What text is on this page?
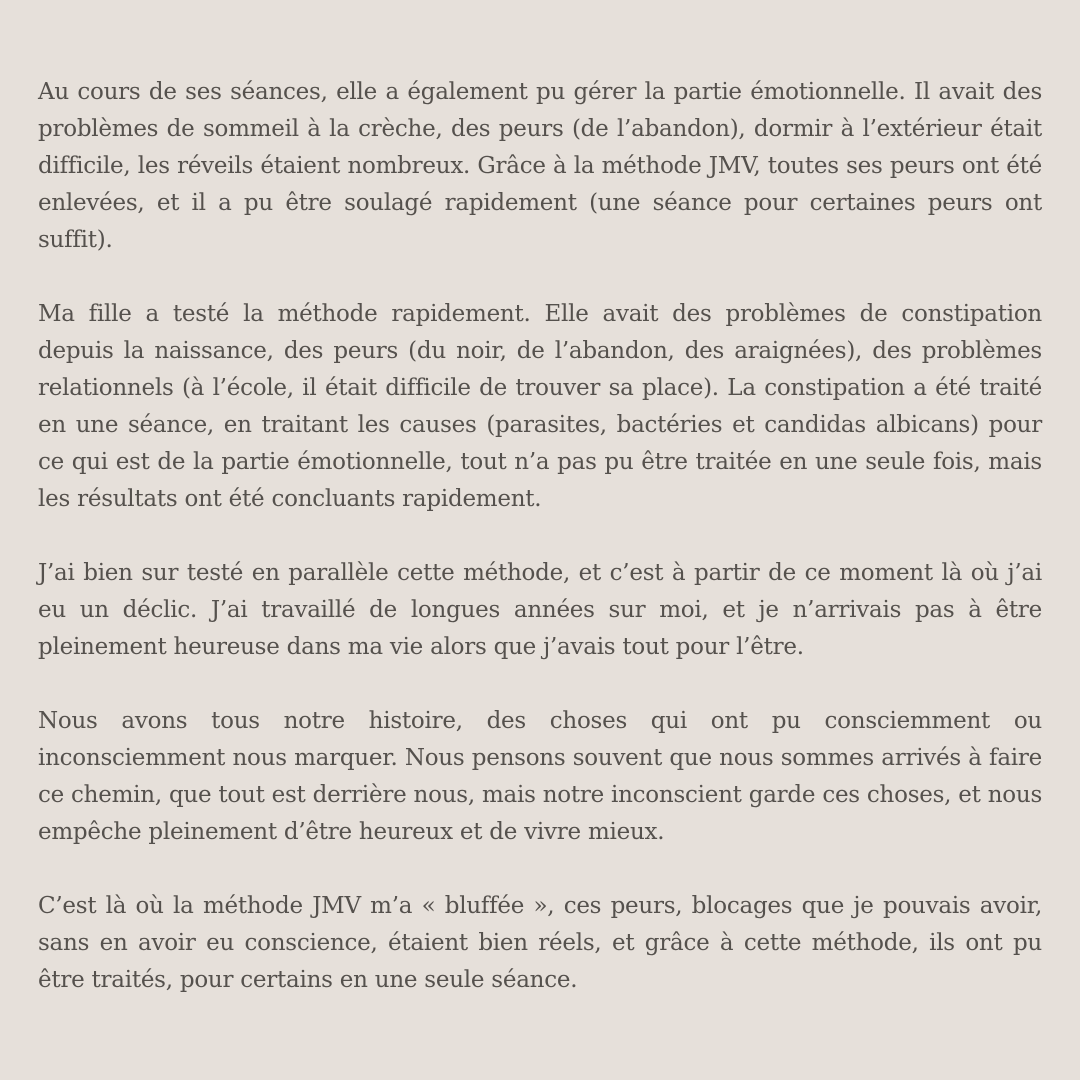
Au cours de ses séances, elle a également pu gérer la partie émotionnelle. Il avait des problèmes de sommeil à la crèche, des peurs (de l’abandon), dormir à l’extérieur était difficile, les réveils étaient nombreux. Grâce à la méthode JMV, toutes ses peurs ont été enlevées, et il a pu être soulagé rapidement (une séance pour certaines peurs ont suffit).

Ma fille a testé la méthode rapidement. Elle avait des problèmes de constipation depuis la naissance, des peurs (du noir, de l’abandon, des araignées), des problèmes relationnels (à l’école, il était difficile de trouver sa place). La constipation a été traité en une séance, en traitant les causes (parasites, bactéries et candidas albicans) pour ce qui est de la partie émotionnelle, tout n’a pas pu être traitée en une seule fois, mais les résultats ont été concluants rapidement.

J’ai bien sur testé en parallèle cette méthode, et c’est à partir de ce moment là où j’ai eu un déclic. J’ai travaillé de longues années sur moi, et je n’arrivais pas à être pleinement heureuse dans ma vie alors que j’avais tout pour l’être.

Nous avons tous notre histoire, des choses qui ont pu consciemment ou inconsciemment nous marquer. Nous pensons souvent que nous sommes arrivés à faire ce chemin, que tout est derrière nous, mais notre inconscient garde ces choses, et nous empêche pleinement d’être heureux et de vivre mieux.

C’est là où la méthode JMV m’a « bluffée », ces peurs, blocages que je pouvais avoir, sans en avoir eu conscience, étaient bien réels, et grâce à cette méthode, ils ont pu être traités, pour certains en une seule séance.
